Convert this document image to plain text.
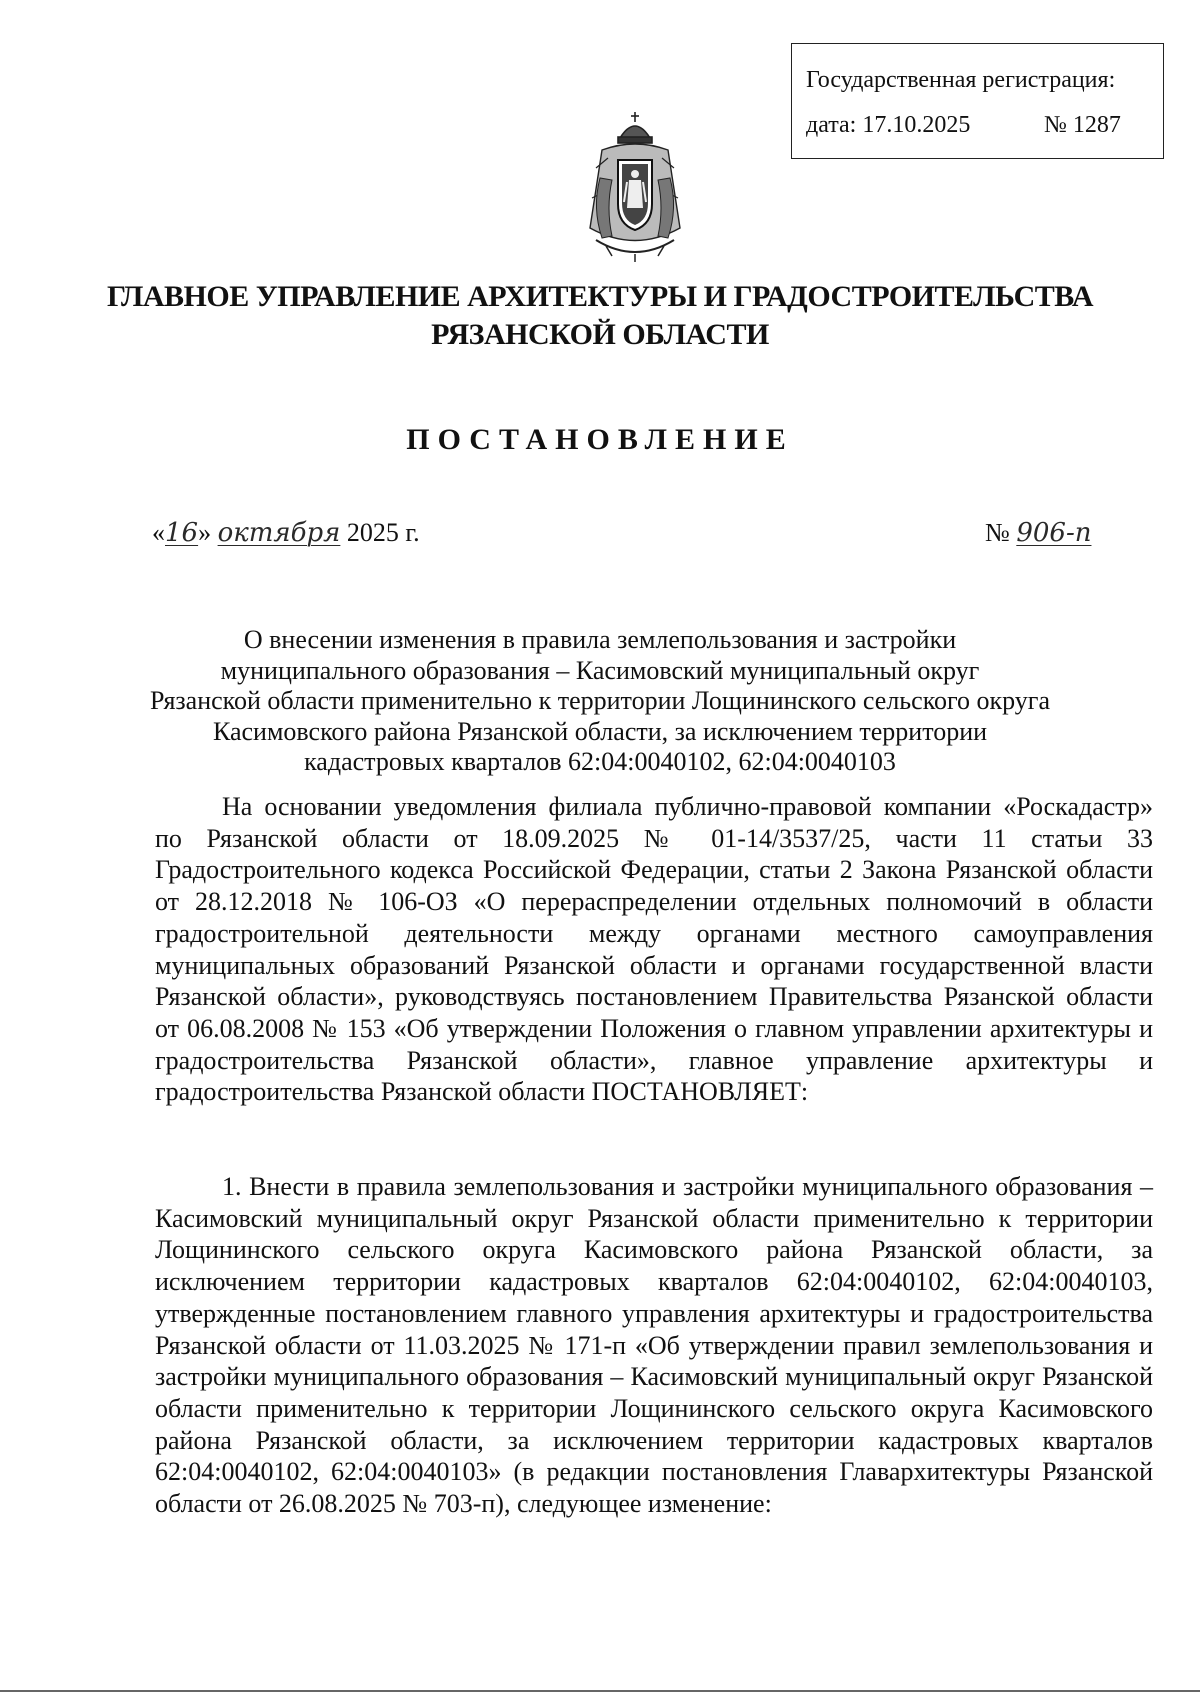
Государственная регистрация:
дата: 17.10.2025	№ 1287
ГЛАВНОЕ УПРАВЛЕНИЕ АРХИТЕКТУРЫ И ГРАДОСТРОИТЕЛЬСТВА
РЯЗАНСКОЙ ОБЛАСТИ
ПОСТАНОВЛЕНИЕ
«16» октября 2025 г.	№ 906-п
О внесении изменения в правила землепользования и застройки
муниципального образования – Касимовский муниципальный округ
Рязанской области применительно к территории Лощининского сельского округа
Касимовского района Рязанской области, за исключением территории
кадастровых кварталов 62:04:0040102, 62:04:0040103
На основании уведомления филиала публично-правовой компании «Роскадастр» по Рязанской области от 18.09.2025 № 01-14/3537/25, части 11 статьи 33 Градостроительного кодекса Российской Федерации, статьи 2 Закона Рязанской области от 28.12.2018 № 106-ОЗ «О перераспределении отдельных полномочий в области градостроительной деятельности между органами местного самоуправления муниципальных образований Рязанской области и органами государственной власти Рязанской области», руководствуясь постановлением Правительства Рязанской области от 06.08.2008 № 153 «Об утверждении Положения о главном управлении архитектуры и градостроительства Рязанской области», главное управление архитектуры и градостроительства Рязанской области ПОСТАНОВЛЯЕТ:
1. Внести в правила землепользования и застройки муниципального образования – Касимовский муниципальный округ Рязанской области применительно к территории Лощининского сельского округа Касимовского района Рязанской области, за исключением территории кадастровых кварталов 62:04:0040102, 62:04:0040103, утвержденные постановлением главного управления архитектуры и градостроительства Рязанской области от 11.03.2025 № 171-п «Об утверждении правил землепользования и застройки муниципального образования – Касимовский муниципальный округ Рязанской области применительно к территории Лощининского сельского округа Касимовского района Рязанской области, за исключением территории кадастровых кварталов 62:04:0040102, 62:04:0040103» (в редакции постановления Главархитектуры Рязанской области от 26.08.2025 № 703-п), следующее изменение:
